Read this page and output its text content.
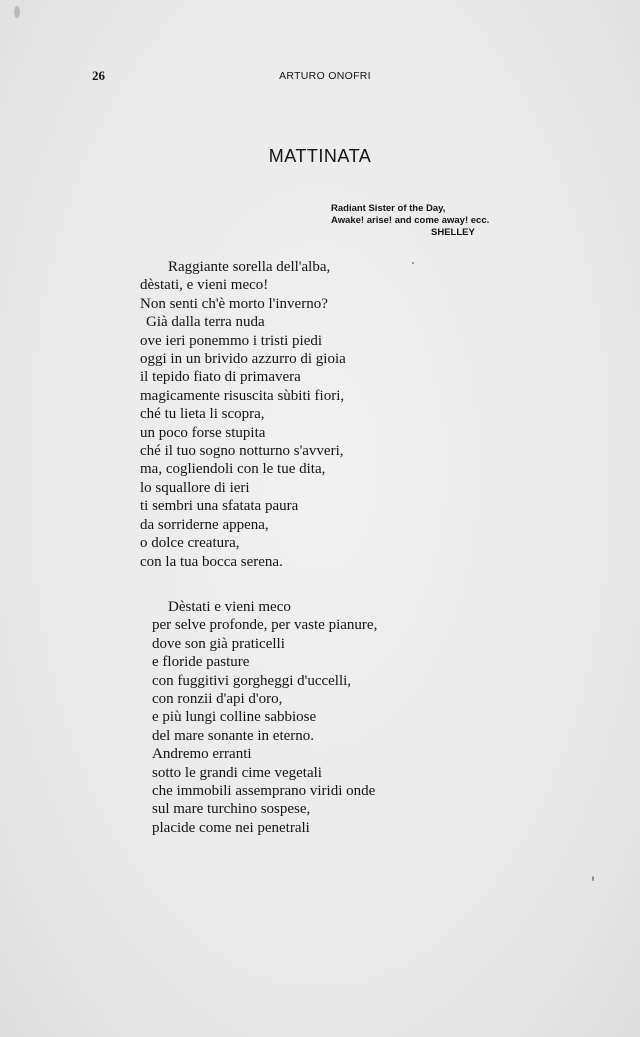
26	ARTURO ONOFRI
MATTINATA
Radiant Sister of the Day,
Awake! arise! and come away! ecc.
SHELLEY
Raggiante sorella dell'alba,
dèstati, e vieni meco!
Non senti ch'è morto l'inverno?
Già dalla terra nuda
ove ieri ponemmo i tristi piedi
oggi in un brivido azzurro di gioia
il tepido fiato di primavera
magicamente risuscita sùbiti fiori,
ché tu lieta li scopra,
un poco forse stupita
ché il tuo sogno notturno s'avveri,
ma, cogliendoli con le tue dita,
lo squallore di ieri
ti sembri una sfatata paura
da sorriderne appena,
o dolce creatura,
con la tua bocca serena.
Dèstati e vieni meco
per selve profonde, per vaste pianure,
dove son già praticelli
e floride pasture
con fuggitivi gorgheggi d'uccelli,
con ronzii d'api d'oro,
e più lungi colline sabbiose
del mare sonante in eterno.
Andremo erranti
sotto le grandi cime vegetali
che immobili assemprano viridi onde
sul mare turchino sospese,
placide come nei penetrali
